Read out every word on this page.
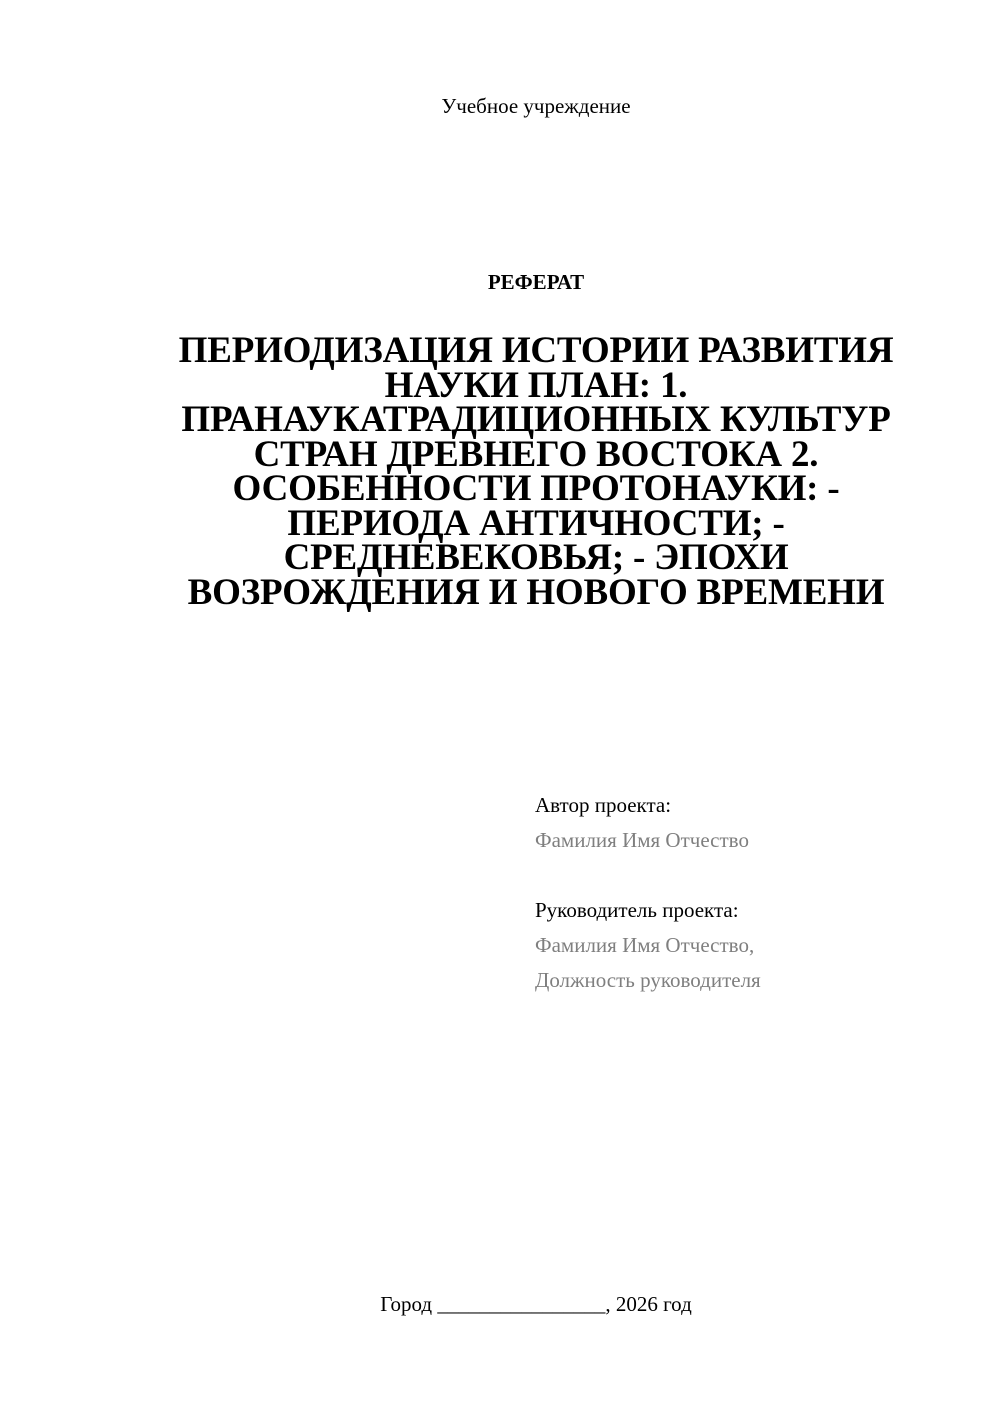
Учебное учреждение
РЕФЕРАТ
ПЕРИОДИЗАЦИЯ ИСТОРИИ РАЗВИТИЯ
НАУКИ ПЛАН: 1.
ПРАНАУКАТРАДИЦИОННЫХ КУЛЬТУР
СТРАН ДРЕВНЕГО ВОСТОКА 2.
ОСОБЕННОСТИ ПРОТОНАУКИ: -
ПЕРИОДА АНТИЧНОСТИ; -
СРЕДНЕВЕКОВЬЯ; - ЭПОХИ
ВОЗРОЖДЕНИЯ И НОВОГО ВРЕМЕНИ
Автор проекта:
Фамилия Имя Отчество
Руководитель проекта:
Фамилия Имя Отчество,
Должность руководителя
Город ________________, 2026 год
